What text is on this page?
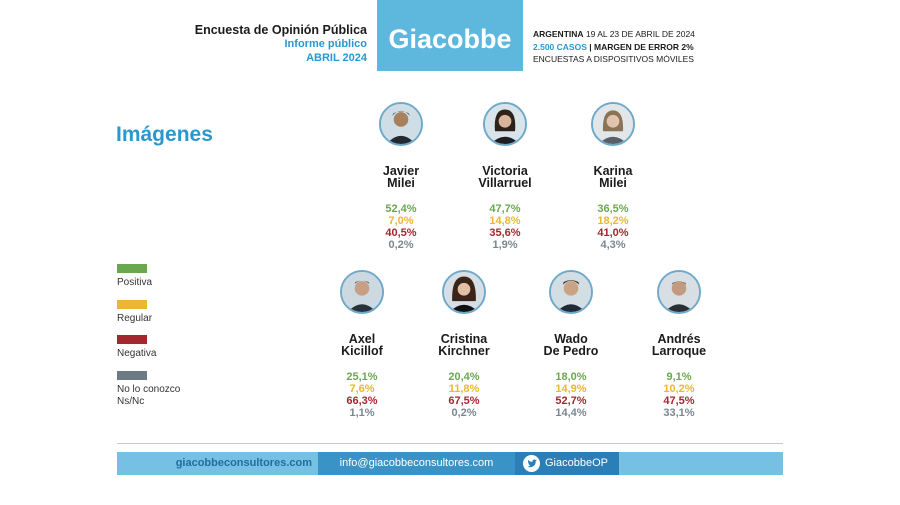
Encuesta de Opinión Pública
Informe público
ABRIL 2024
Giacobbe	ARGENTINA 19 AL 23 DE ABRIL DE 2024
2.500 CASOS | MARGEN DE ERROR 2%
ENCUESTAS A DISPOSITIVOS MÓVILES
Imágenes
Positiva
Regular
Negativa
No lo conozco
Ns/Nc
Javier
Milei
52,4%
7,0%
40,5%
0,2%
Victoria
Villarruel
47,7%
14,8%
35,6%
1,9%
Karina
Milei
36,5%
18,2%
41,0%
4,3%
Axel
Kicillof
25,1%
7,6%
66,3%
1,1%
Cristina
Kirchner
20,4%
11,8%
67,5%
0,2%
Wado
De Pedro
18,0%
14,9%
52,7%
14,4%
Andrés
Larroque
9,1%
10,2%
47,5%
33,1%
giacobbeconsultores.com	info@giacobbeconsultores.com	GiacobbeOP
